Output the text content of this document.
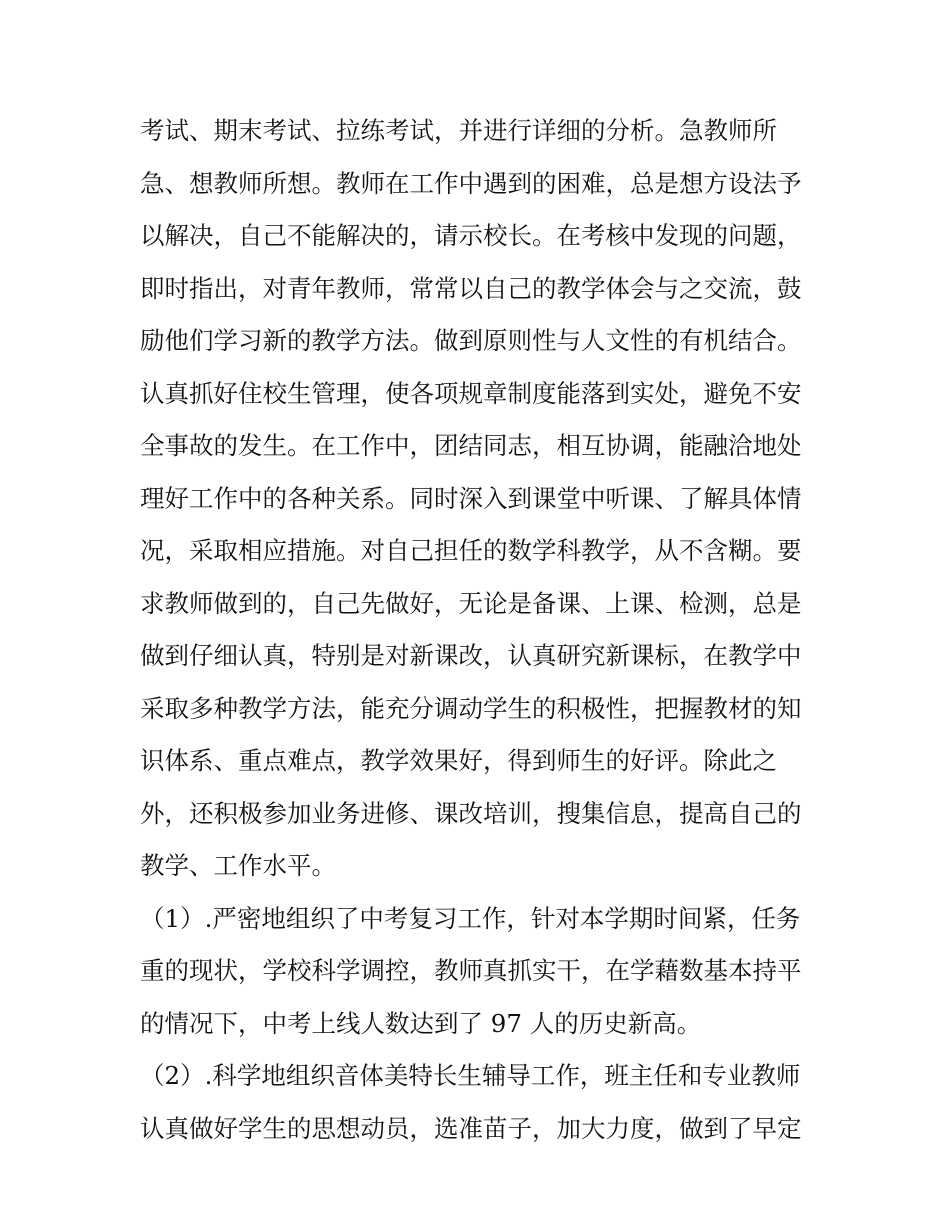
考试、期末考试、拉练考试，并进行详细的分析。急教师所
急、想教师所想。教师在工作中遇到的困难，总是想方设法予
以解决，自己不能解决的，请示校长。在考核中发现的问题，
即时指出，对青年教师，常常以自己的教学体会与之交流，鼓
励他们学习新的教学方法。做到原则性与人文性的有机结合。
认真抓好住校生管理，使各项规章制度能落到实处，避免不安
全事故的发生。在工作中，团结同志，相互协调，能融洽地处
理好工作中的各种关系。同时深入到课堂中听课、了解具体情
况，采取相应措施。对自己担任的数学科教学，从不含糊。要
求教师做到的，自己先做好，无论是备课、上课、检测，总是
做到仔细认真，特别是对新课改，认真研究新课标，在教学中
采取多种教学方法，能充分调动学生的积极性，把握教材的知
识体系、重点难点，教学效果好，得到师生的好评。除此之
外，还积极参加业务进修、课改培训，搜集信息，提高自己的
教学、工作水平。
（1）.严密地组织了中考复习工作，针对本学期时间紧，任务
重的现状，学校科学调控，教师真抓实干，在学藉数基本持平
的情况下，中考上线人数达到了 97 人的历史新高。
（2）.科学地组织音体美特长生辅导工作，班主任和专业教师
认真做好学生的思想动员，选准苗子，加大力度，做到了早定
